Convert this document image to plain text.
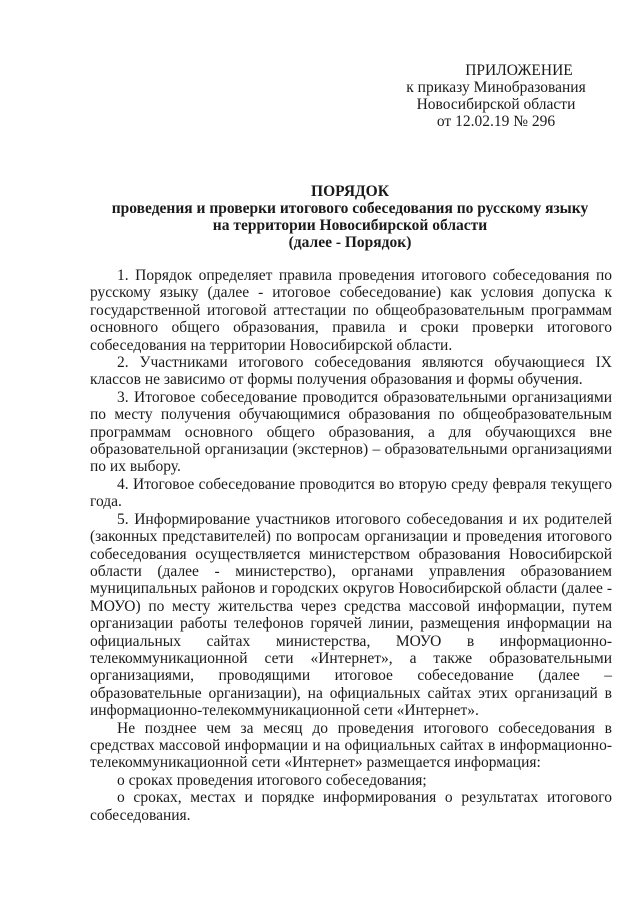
ПРИЛОЖЕНИЕ
к приказу Минобразования
Новосибирской области
от 12.02.19 № 296
ПОРЯДОК
проведения и проверки итогового собеседования по русскому языку
на территории Новосибирской области
(далее - Порядок)

1. Порядок определяет правила проведения итогового собеседования по русскому языку (далее - итоговое собеседование) как условия допуска к государственной итоговой аттестации по общеобразовательным программам основного общего образования, правила и сроки проверки итогового собеседования на территории Новосибирской области.

2. Участниками итогового собеседования являются обучающиеся IX классов не зависимо от формы получения образования и формы обучения.

3. Итоговое собеседование проводится образовательными организациями по месту получения обучающимися образования по общеобразовательным программам основного общего образования, а для обучающихся вне образовательной организации (экстернов) – образовательными организациями по их выбору.

4. Итоговое собеседование проводится во вторую среду февраля текущего года.

5. Информирование участников итогового собеседования и их родителей (законных представителей) по вопросам организации и проведения итогового собеседования осуществляется министерством образования Новосибирской области (далее - министерство), органами управления образованием муниципальных районов и городских округов Новосибирской области (далее - МОУО) по месту жительства через средства массовой информации, путем организации работы телефонов горячей линии, размещения информации на официальных сайтах министерства, МОУО в информационно-телекоммуникационной сети «Интернет», а также образовательными организациями, проводящими итоговое собеседование (далее – образовательные организации), на официальных сайтах этих организаций в информационно-телекоммуникационной сети «Интернет».

Не позднее чем за месяц до проведения итогового собеседования в средствах массовой информации и на официальных сайтах в информационно-телекоммуникационной сети «Интернет» размещается информация:

о сроках проведения итогового собеседования;

о сроках, местах и порядке информирования о результатах итогового собеседования.
